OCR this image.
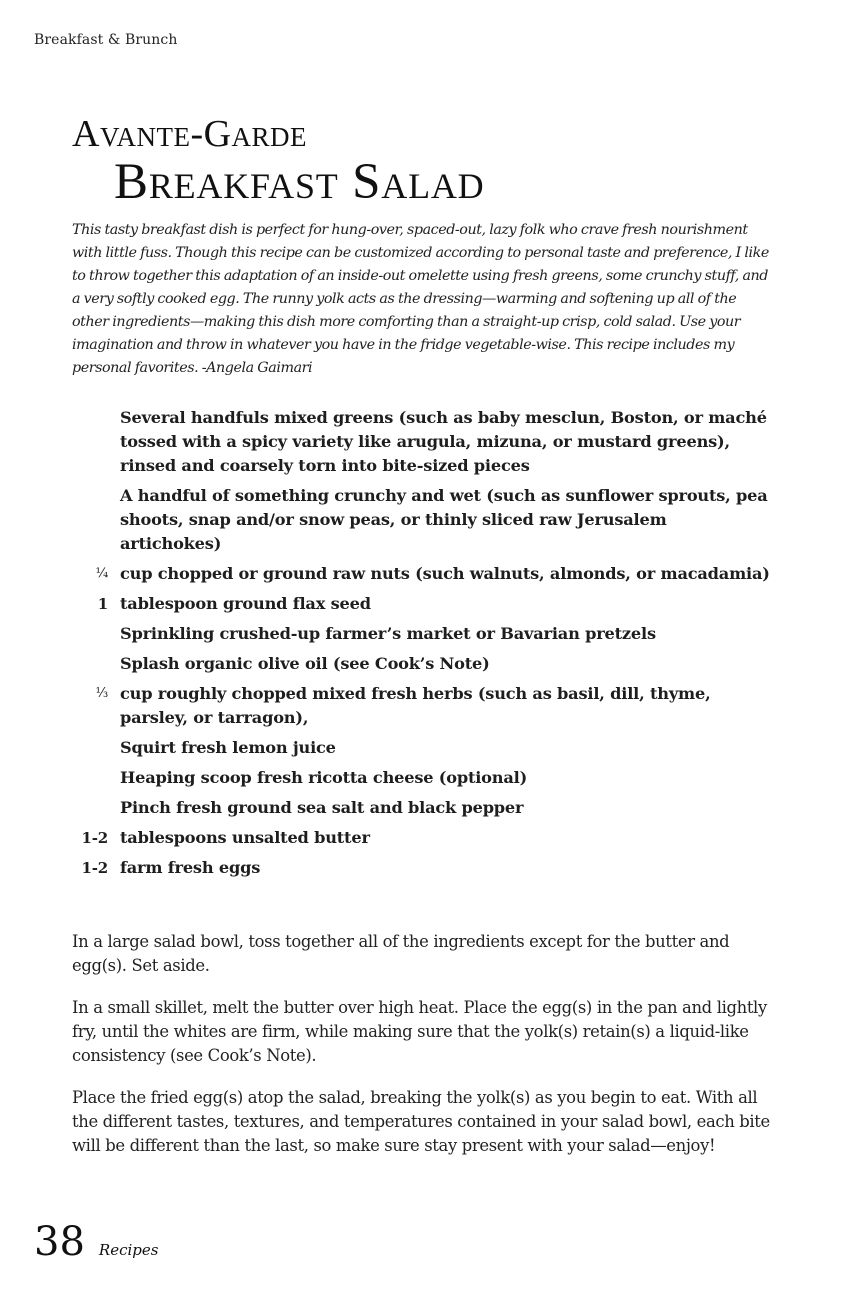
Breakfast & Brunch
Avante-Garde
Breakfast Salad
This tasty breakfast dish is perfect for hung-over, spaced-out, lazy folk who crave fresh nourishment with little fuss. Though this recipe can be customized according to personal taste and preference, I like to throw together this adaptation of an inside-out omelette using fresh greens, some crunchy stuff, and a very softly cooked egg. The runny yolk acts as the dressing—warming and softening up all of the other ingredients—making this dish more comforting than a straight-up crisp, cold salad. Use your imagination and throw in whatever you have in the fridge vegetable-wise. This recipe includes my personal favorites. -Angela Gaimari
Several handfuls mixed greens (such as baby mesclun, Boston, or maché tossed with a spicy variety like arugula, mizuna, or mustard greens), rinsed and coarsely torn into bite-sized pieces
A handful of something crunchy and wet (such as sunflower sprouts, pea shoots, snap and/or snow peas, or thinly sliced raw Jerusalem artichokes)
¼ cup chopped or ground raw nuts (such walnuts, almonds, or macadamia)
1 tablespoon ground flax seed
Sprinkling crushed-up farmer’s market or Bavarian pretzels
Splash organic olive oil (see Cook’s Note)
⅓ cup roughly chopped mixed fresh herbs (such as basil, dill, thyme, parsley, or tarragon),
Squirt fresh lemon juice
Heaping scoop fresh ricotta cheese (optional)
Pinch fresh ground sea salt and black pepper
1-2 tablespoons unsalted butter
1-2 farm fresh eggs

In a large salad bowl, toss together all of the ingredients except for the butter and egg(s). Set aside.

In a small skillet, melt the butter over high heat. Place the egg(s) in the pan and lightly fry, until the whites are firm, while making sure that the yolk(s) retain(s) a liquid-like consistency (see Cook’s Note).

Place the fried egg(s) atop the salad, breaking the yolk(s) as you begin to eat. With all the different tastes, textures, and temperatures contained in your salad bowl, each bite will be different than the last, so make sure stay present with your salad—enjoy!

38 Recipes
